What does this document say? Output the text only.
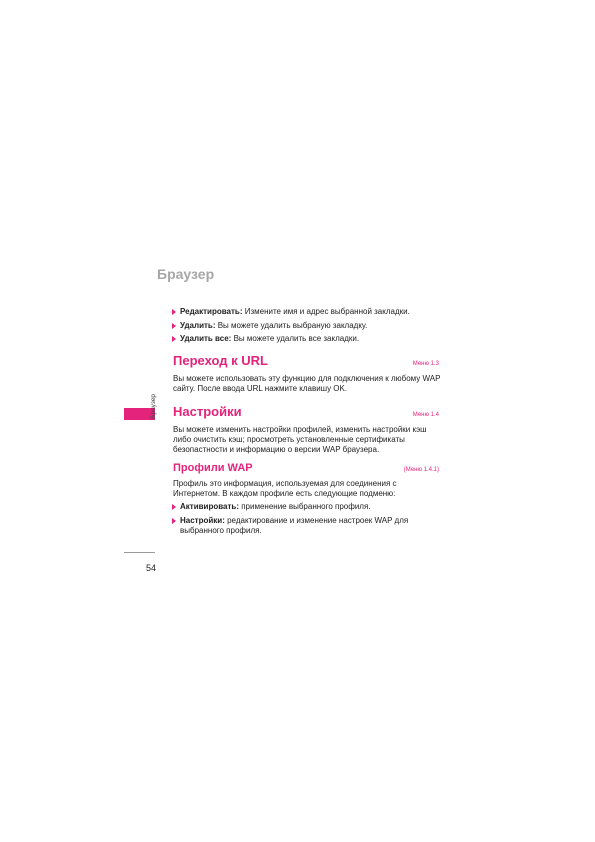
Браузер
Редактировать: Измените имя и адрес выбранной закладки.
Удалить: Вы можете удалить выбраную закладку.
Удалить все: Вы можете удалить все закладки.
Переход к URL	Меню 1.3

Вы можете использовать эту функцию для подключения к любому WAP сайту. После ввода URL нажмите клавишу OK.

Настройки	Меню 1.4

Вы можете изменить настройки профилей, изменить настройки кэш либо очистить кэш; просмотреть установленные сертификаты безопастности и информацию о версии WAP браузера.

Профили WAP	(Меню 1.4.1)

Профиль это информация, используемая для соединения с Интернетом. В каждом профиле есть следующие подменю:

Активировать: применение выбранного профиля.
Настройки: редактирование и изменение настроек WAP для выбранного профиля.
Браузер
54
